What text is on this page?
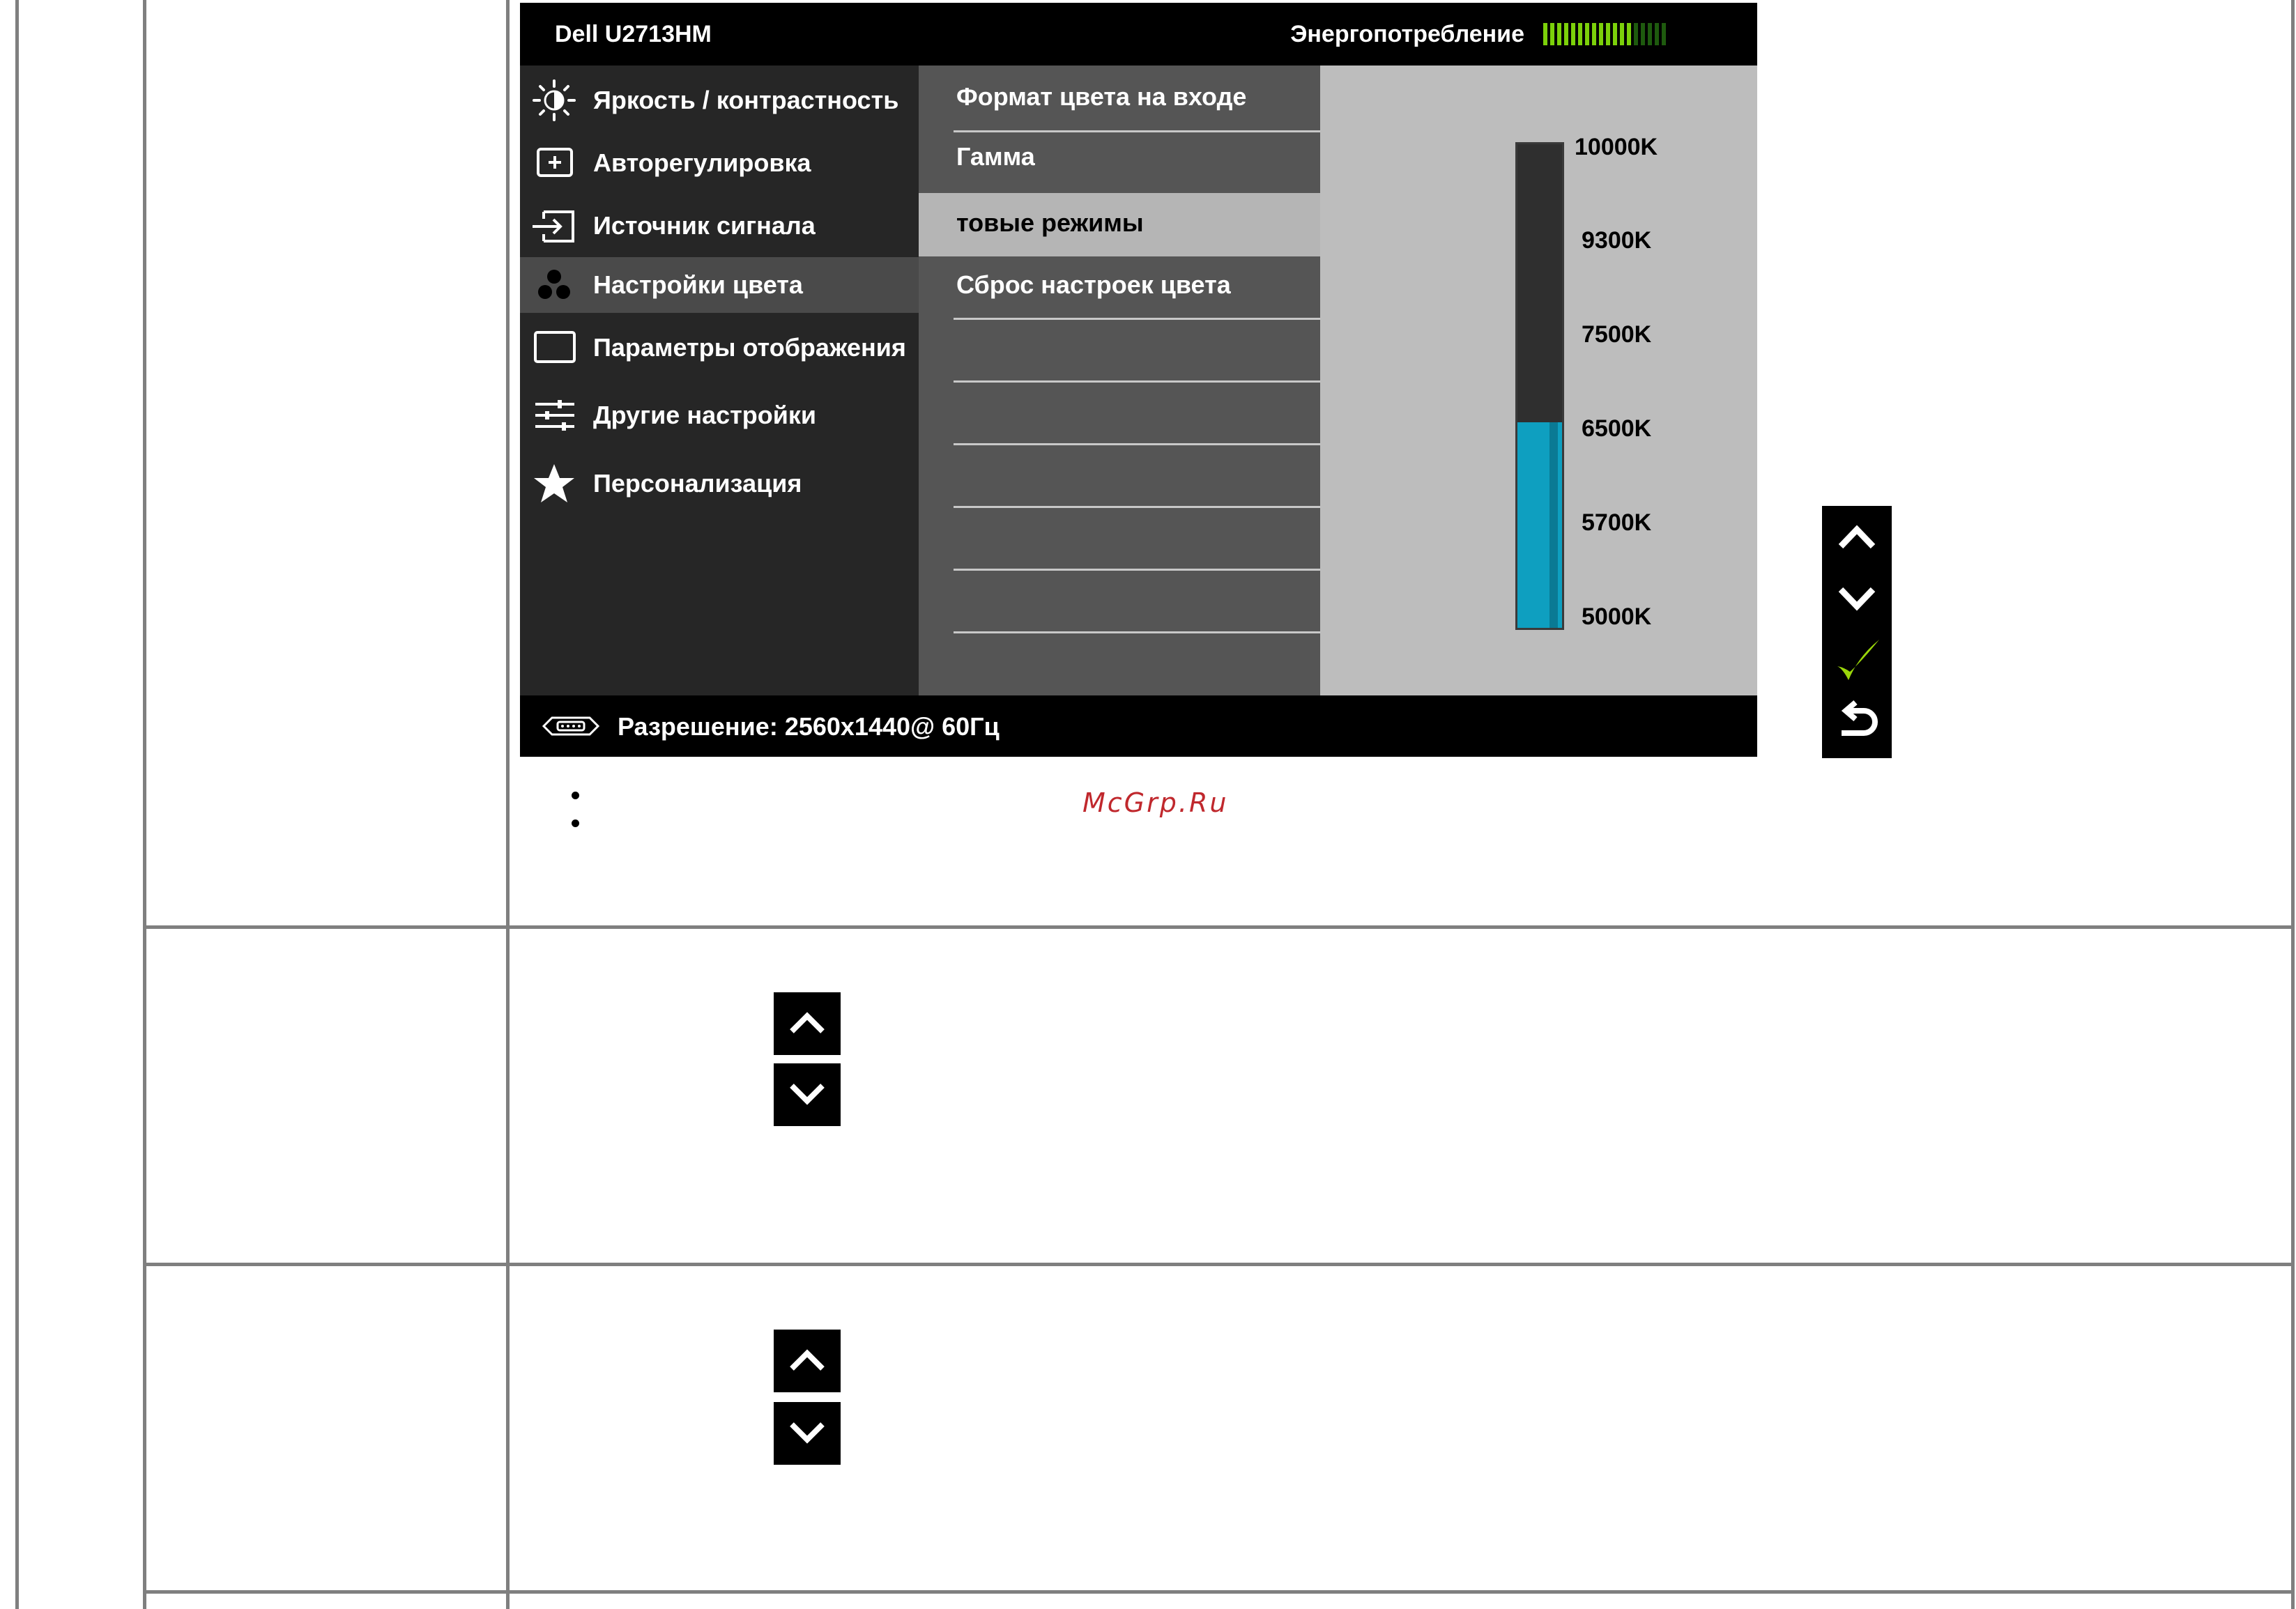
Dell U2713HM	Энергопотребление
Яркость / контрастность
Авторегулировка
Источник сигнала
Настройки цвета
Параметры отображения
Другие настройки
Персонализация
Формат цвета на входе
Гамма
товые режимы
Сброс настроек цвета
10000K
9300K
7500K
6500K
5700K
5000K
Разрешение: 2560x1440@ 60Гц
McGrp.Ru
